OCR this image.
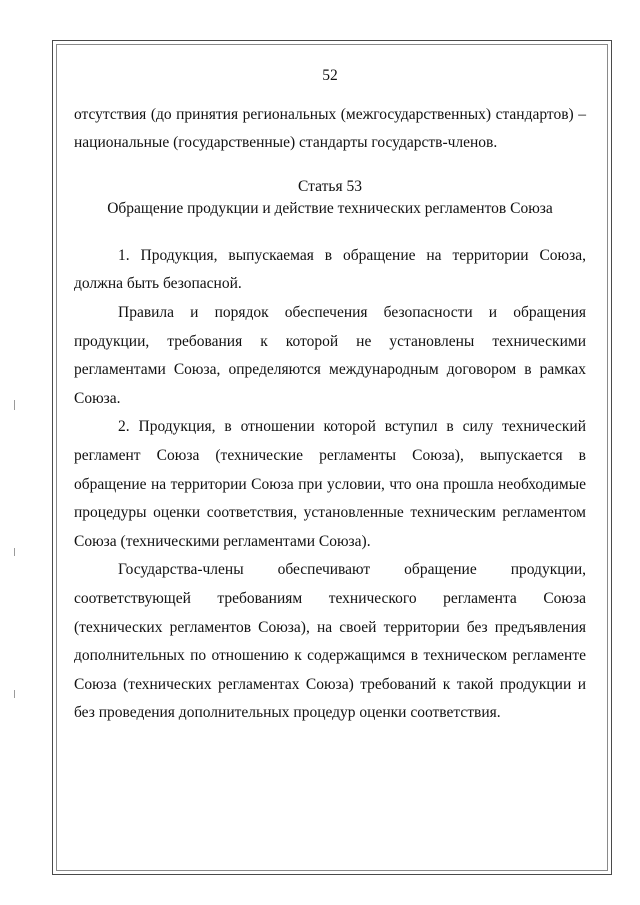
52

отсутствия (до принятия региональных (межгосударственных) стандартов) – национальные (государственные) стандарты государств-членов.

Статья 53
Обращение продукции и действие технических регламентов Союза

1. Продукция, выпускаемая в обращение на территории Союза, должна быть безопасной.

Правила и порядок обеспечения безопасности и обращения продукции, требования к которой не установлены техническими регламентами Союза, определяются международным договором в рамках Союза.

2. Продукция, в отношении которой вступил в силу технический регламент Союза (технические регламенты Союза), выпускается в обращение на территории Союза при условии, что она прошла необходимые процедуры оценки соответствия, установленные техническим регламентом Союза (техническими регламентами Союза).

Государства-члены обеспечивают обращение продукции, соответствующей требованиям технического регламента Союза (технических регламентов Союза), на своей территории без предъявления дополнительных по отношению к содержащимся в техническом регламенте Союза (технических регламентах Союза) требований к такой продукции и без проведения дополнительных процедур оценки соответствия.
